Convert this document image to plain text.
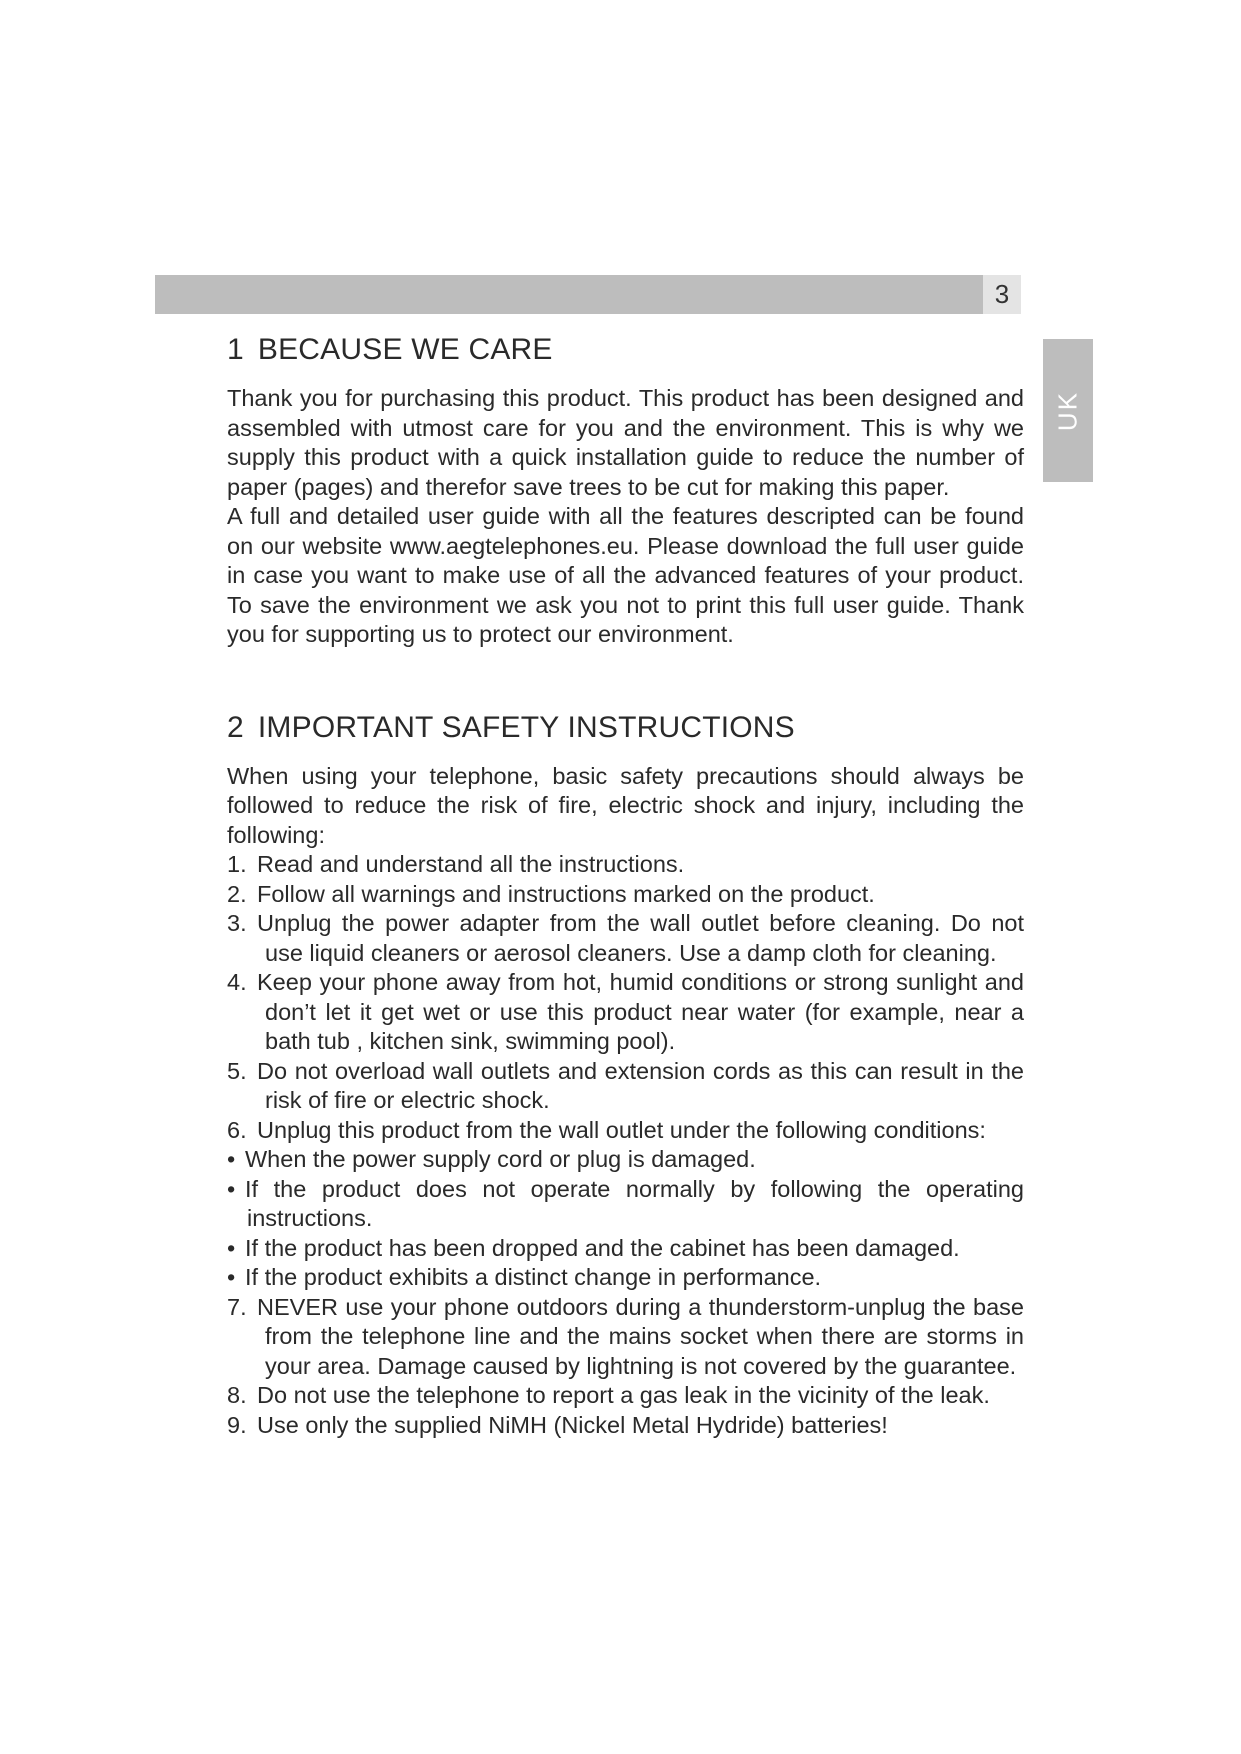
3
UK
1 BECAUSE WE CARE

Thank you for purchasing this product. This product has been designed and assembled with utmost care for you and the environment. This is why we supply this product with a quick installation guide to reduce the number of paper (pages) and therefor save trees to be cut for making this paper.

A full and detailed user guide with all the features descripted can be found on our website www.aegtelephones.eu. Please download the full user guide in case you want to make use of all the advanced features of your product. To save the environment we ask you not to print this full user guide. Thank you for supporting us to protect our environment.

2 IMPORTANT SAFETY INSTRUCTIONS

When using your telephone, basic safety precautions should always be followed to reduce the risk of fire, electric shock and injury, including the following:

1. Read and understand all the instructions.
2. Follow all warnings and instructions marked on the product.
3. Unplug the power adapter from the wall outlet before cleaning. Do not use liquid cleaners or aerosol cleaners. Use a damp cloth for cleaning.
4. Keep your phone away from hot, humid conditions or strong sunlight and don’t let it get wet or use this product near water (for example, near a bath tub , kitchen sink, swimming pool).
5. Do not overload wall outlets and extension cords as this can result in the risk of fire or electric shock.
6. Unplug this product from the wall outlet under the following conditions:
• When the power supply cord or plug is damaged.
• If the product does not operate normally by following the operating instructions.
• If the product has been dropped and the cabinet has been damaged.
• If the product exhibits a distinct change in performance.
7. NEVER use your phone outdoors during a thunderstorm-unplug the base from the telephone line and the mains socket when there are storms in your area. Damage caused by lightning is not covered by the guarantee.
8. Do not use the telephone to report a gas leak in the vicinity of the leak.
9. Use only the supplied NiMH (Nickel Metal Hydride) batteries!
